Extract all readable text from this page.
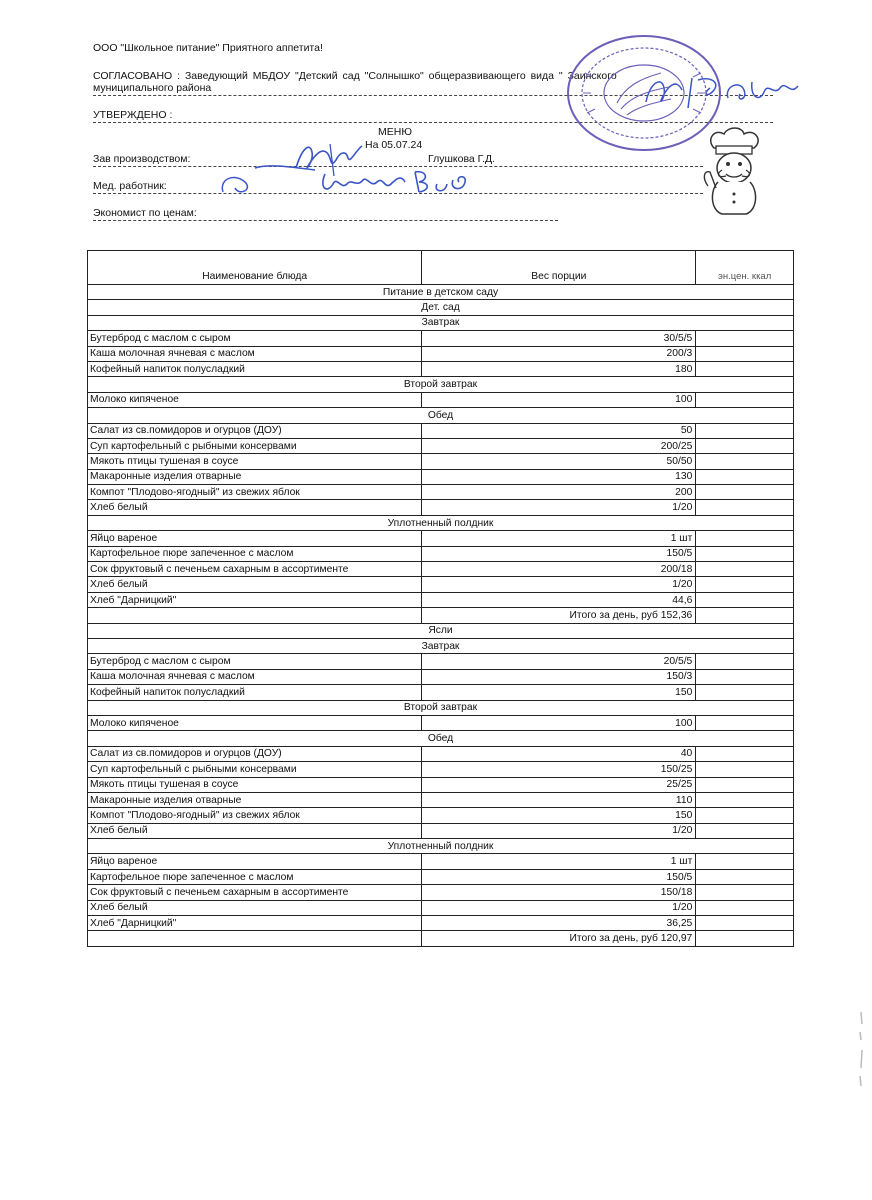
ООО "Школьное питание" Приятного аппетита!
СОГЛАСОВАНО : Заведующий МБДОУ "Детский сад "Солнышко" общеразвивающего вида " Заинского
муниципального района
УТВЕРЖДЕНО :
МЕНЮ
На 05.07.24
Зав производством:	Глушкова Г.Д.
Мед. работник:
Экономист по ценам:
Наименование блюда	Вес порции	эн.цен. ккал
Питание в детском саду		
Дет. сад		
Завтрак		
Бутерброд с маслом с сыром	30/5/5	
Каша молочная ячневая с маслом	200/3	
Кофейный напиток полусладкий	180	
Второй завтрак		
Молоко кипяченое	100	
Обед		
Салат из св.помидоров и огурцов (ДОУ)	50	
Суп картофельный с рыбными консервами	200/25	
Мякоть птицы тушеная в соусе	50/50	
Макаронные изделия отварные	130	
Компот "Плодово-ягодный" из свежих яблок	200	
Хлеб белый	1/20	
Уплотненный полдник		
Яйцо вареное	1 шт	
Картофельное пюре запеченное с маслом	150/5	
Сок фруктовый с печеньем сахарным в ассортименте	200/18	
Хлеб белый	1/20	
Хлеб "Дарницкий"	44,6	
	Итого за день, руб 152,36	
Ясли		
Завтрак		
Бутерброд с маслом с сыром	20/5/5	
Каша молочная ячневая с маслом	150/3	
Кофейный напиток полусладкий	150	
Второй завтрак		
Молоко кипяченое	100	
Обед		
Салат из св.помидоров и огурцов (ДОУ)	40	
Суп картофельный с рыбными консервами	150/25	
Мякоть птицы тушеная в соусе	25/25	
Макаронные изделия отварные	110	
Компот "Плодово-ягодный" из свежих яблок	150	
Хлеб белый	1/20	
Уплотненный полдник		
Яйцо вареное	1 шт	
Картофельное пюре запеченное с маслом	150/5	
Сок фруктовый с печеньем сахарным в ассортименте	150/18	
Хлеб белый	1/20	
Хлеб "Дарницкий"	36,25	
	Итого за день, руб 120,97	
